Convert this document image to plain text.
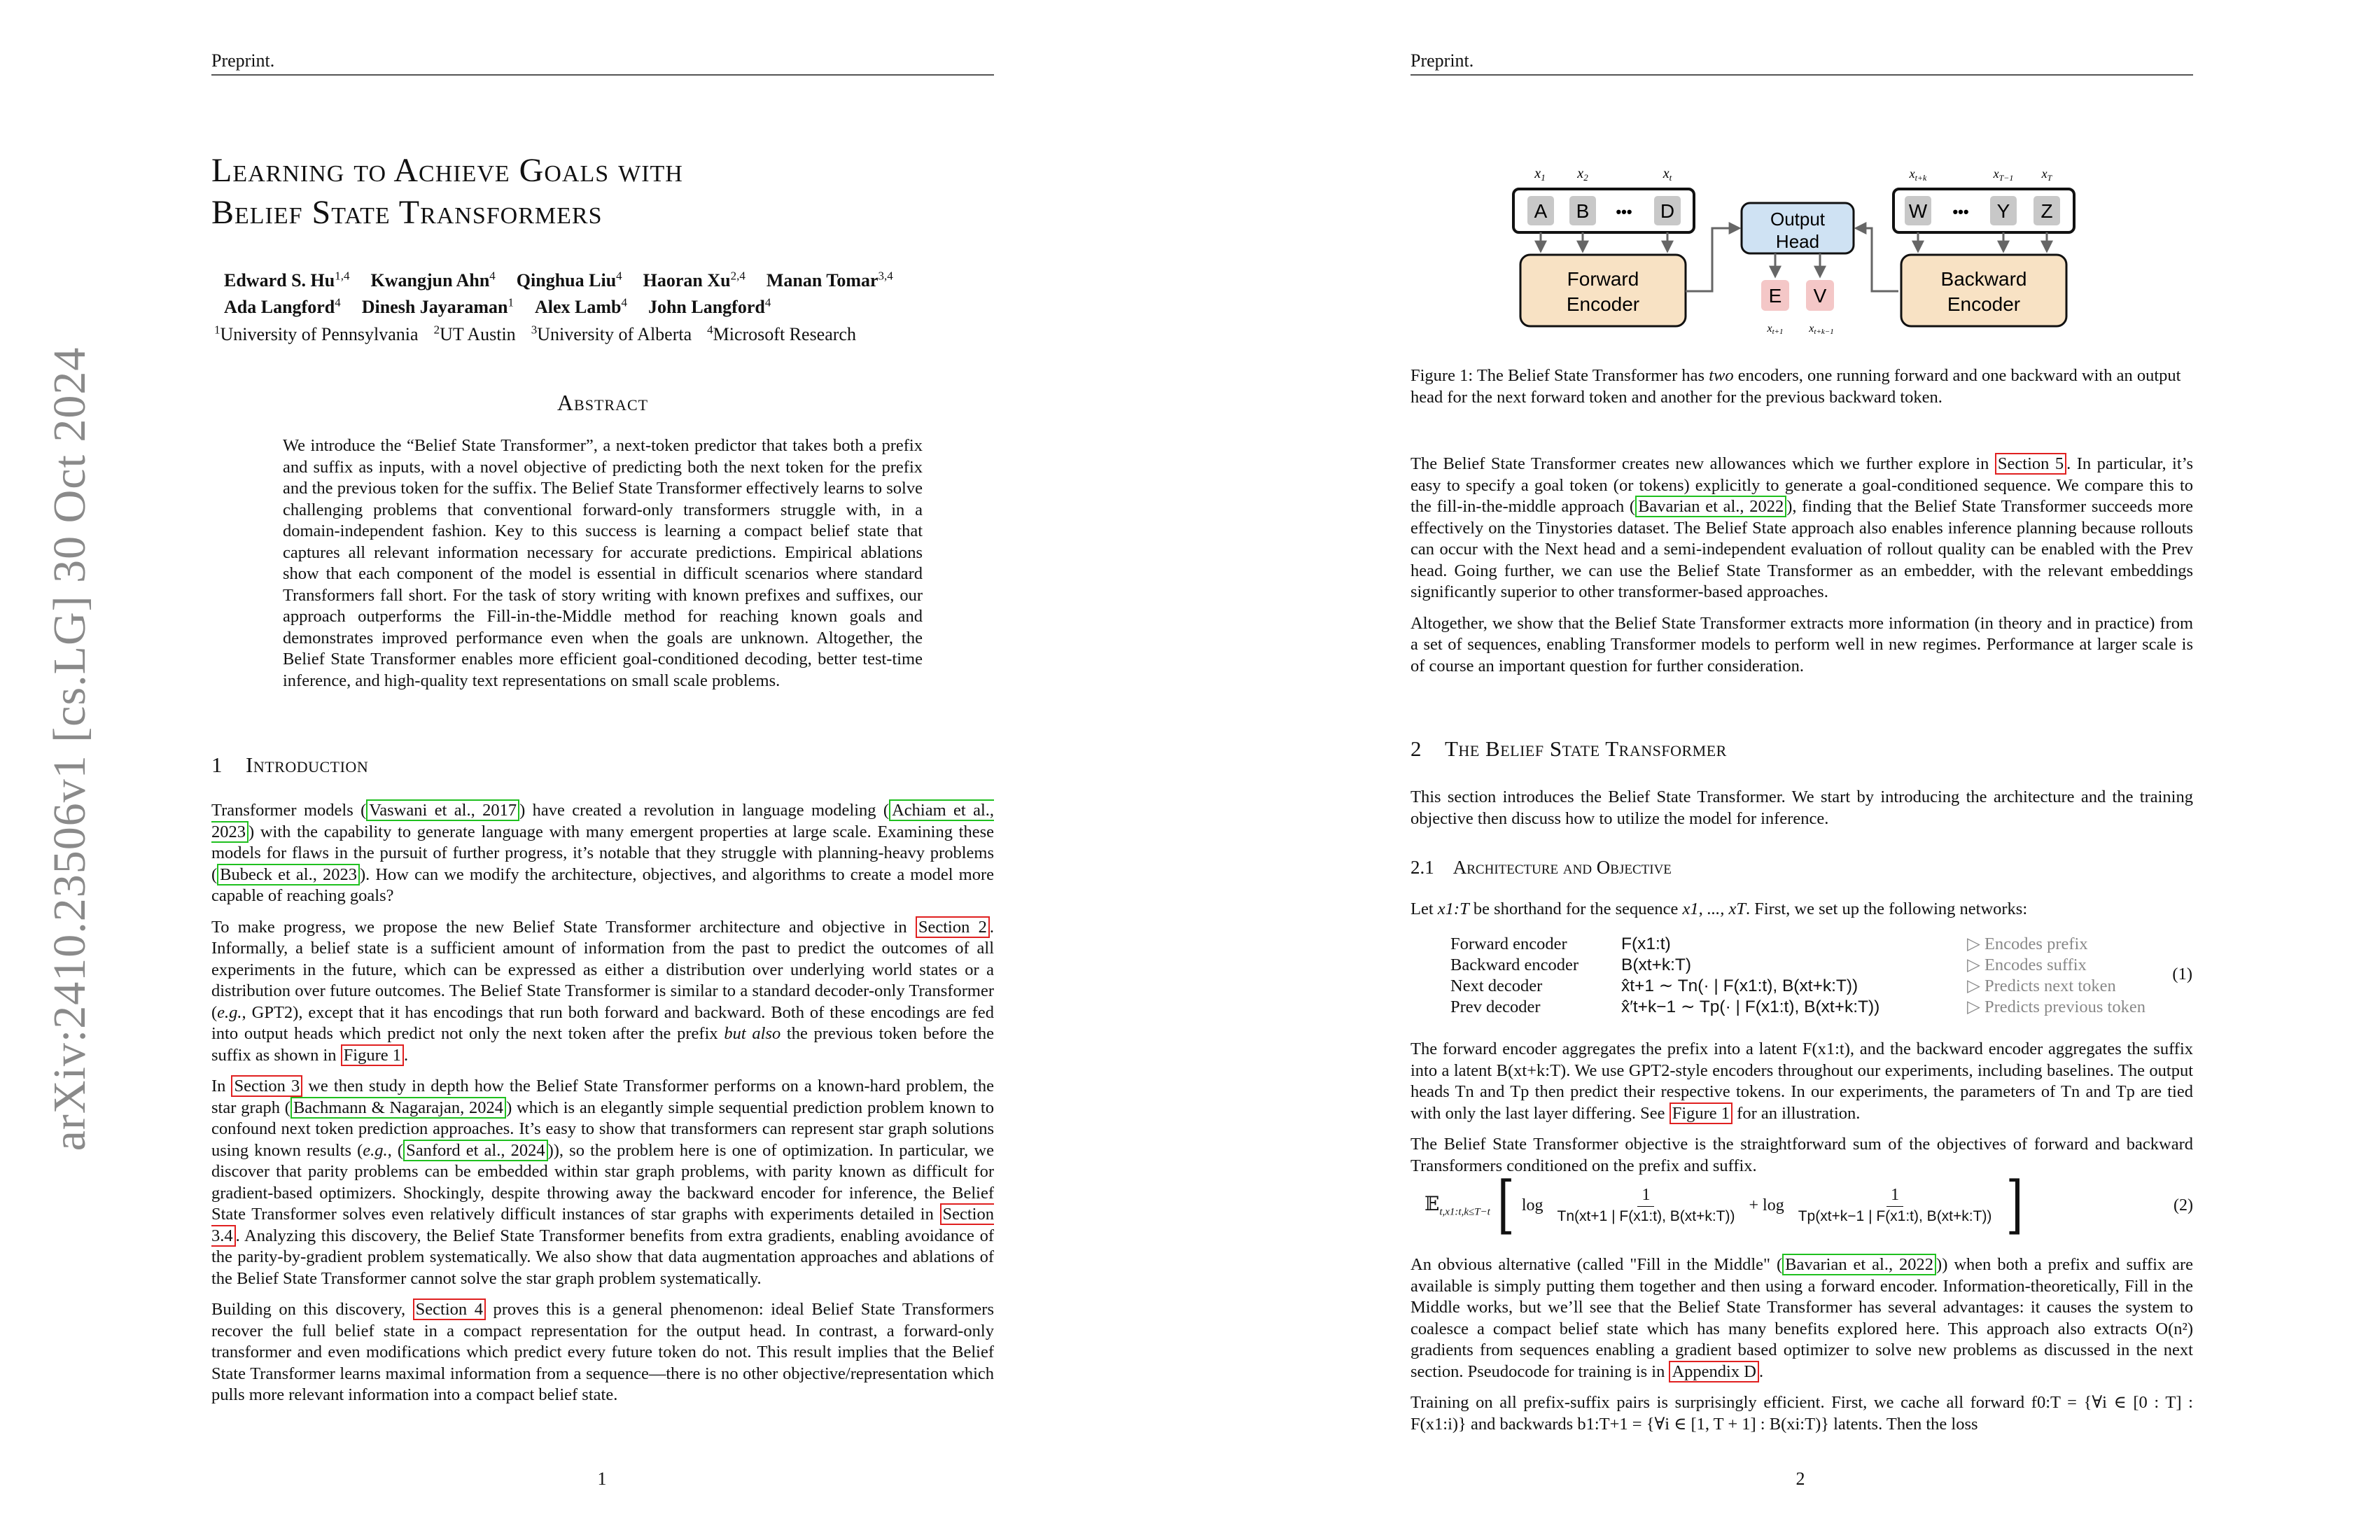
Preprint.
arXiv:2410.23506v1 [cs.LG] 30 Oct 2024
Learning to Achieve Goals with
Belief State Transformers
Edward S. Hu$^{1,4}$ Kwangjun Ahn$^4$ Qinghua Liu$^4$ Haoran Xu$^{2,4}$ Manan Tomar$^{3,4}$
Ada Langford$^4$ Dinesh Jayaraman$^1$ Alex Lamb$^4$ John Langford$^4$
$^1$University of Pennsylvania $^2$UT Austin $^3$University of Alberta $^4$Microsoft Research
Abstract
We introduce the “Belief State Transformer”, a next-token predictor that takes both a prefix and suffix as inputs, with a novel objective of predicting both the next token for the prefix and the previous token for the suffix. The Belief State Transformer effectively learns to solve challenging problems that conventional forward-only transformers struggle with, in a domain-independent fashion. Key to this success is learning a compact belief state that captures all relevant information necessary for accurate predictions. Empirical ablations show that each component of the model is essential in difficult scenarios where standard Transformers fall short. For the task of story writing with known prefixes and suffixes, our approach outperforms the Fill-in-the-Middle method for reaching known goals and demonstrates improved performance even when the goals are unknown. Altogether, the Belief State Transformer enables more efficient goal-conditioned decoding, better test-time inference, and high-quality text representations on small scale problems.
1 Introduction

Transformer models ( Vaswani et al., 2017 ) have created a revolution in language modeling ( Achiam et al., 2023 ) with the capability to generate language with many emergent properties at large scale. Examining these models for flaws in the pursuit of further progress, it’s notable that they struggle with planning-heavy problems ( Bubeck et al., 2023 ). How can we modify the architecture, objectives, and algorithms to create a model more capable of reaching goals?

To make progress, we propose the new Belief State Transformer architecture and objective in Section 2 . Informally, a belief state is a sufficient amount of information from the past to predict the outcomes of all experiments in the future, which can be expressed as either a distribution over underlying world states or a distribution over future outcomes. The Belief State Transformer is similar to a standard decoder-only Transformer (e.g., GPT2), except that it has encodings that run both forward and backward. Both of these encodings are fed into output heads which predict not only the next token after the prefix but also the previous token before the suffix as shown in Figure 1 .

In Section 3 we then study in depth how the Belief State Transformer performs on a known-hard problem, the star graph ( Bachmann & Nagarajan, 2024 ) which is an elegantly simple sequential prediction problem known to confound next token prediction approaches. It’s easy to show that transformers can represent star graph solutions using known results (e.g., ( Sanford et al., 2024 )), so the problem here is one of optimization. In particular, we discover that parity problems can be embedded within star graph problems, with parity known as difficult for gradient-based optimizers. Shockingly, despite throwing away the backward encoder for inference, the Belief State Transformer solves even relatively difficult instances of star graphs with experiments detailed in Section 3.4 . Analyzing this discovery, the Belief State Transformer benefits from extra gradients, enabling avoidance of the parity-by-gradient problem systematically. We also show that data augmentation approaches and ablations of the Belief State Transformer cannot solve the star graph problem systematically.

Building on this discovery, Section 4 proves this is a general phenomenon: ideal Belief State Transformers recover the full belief state in a compact representation for the output head. In contrast, a forward-only transformer and even modifications which predict every future token do not. This result implies that the Belief State Transformer learns maximal information from a sequence—there is no other objective/representation which pulls more relevant information into a compact belief state.

1
Preprint.
$x_1$ $x_2$	$x_t$
A B	D
•••
Forward
Encoder
Output
Head
E V
xt+1 xt+k−1
$x_{t+k}$	$x_{T-1}$ $x_T$
W	Y Z
•••
Backward
Encoder
Figure 1: The Belief State Transformer has two encoders, one running forward and one backward with an output head for the next forward token and another for the previous backward token.

The Belief State Transformer creates new allowances which we further explore in Section 5 . In particular, it’s easy to specify a goal token (or tokens) explicitly to generate a goal-conditioned sequence. We compare this to the fill-in-the-middle approach ( Bavarian et al., 2022 ), finding that the Belief State Transformer succeeds more effectively on the Tinystories dataset. The Belief State approach also enables inference planning because rollouts can occur with the Next head and a semi-independent evaluation of rollout quality can be enabled with the Prev head. Going further, we can use the Belief State Transformer as an embedder, with the relevant embeddings significantly superior to other transformer-based approaches.

Altogether, we show that the Belief State Transformer extracts more information (in theory and in practice) from a set of sequences, enabling Transformer models to perform well in new regimes. Performance at larger scale is of course an important question for further consideration.

2 The Belief State Transformer

This section introduces the Belief State Transformer. We start by introducing the architecture and the training objective then discuss how to utilize the model for inference.

2.1 Architecture and Objective

Let x1:T be shorthand for the sequence x1, ..., xT. First, we set up the following networks:

Forward encoder	F(x1:t)	▷ Encodes prefix
Backward encoder	B(xt+k:T)	▷ Encodes suffix
Next decoder	x̂t+1 ∼ Tn(· | F(x1:t), B(xt+k:T))	▷ Predicts next token
Prev decoder	x̂′t+k−1 ∼ Tp(· | F(x1:t), B(xt+k:T))	▷ Predicts previous token
(1)

The forward encoder aggregates the prefix into a latent F(x1:t), and the backward encoder aggregates the suffix into a latent B(xt+k:T). We use GPT2-style encoders throughout our experiments, including baselines. The output heads Tn and Tp then predict their respective tokens. In our experiments, the parameters of Tn and Tp are tied with only the last layer differing. See Figure 1 for an illustration.

The Belief State Transformer objective is the straightforward sum of the objectives of forward and backward Transformers conditioned on the prefix and suffix.

𝔼$_{t,x1:t,k\le T-t}$ [ $\log \frac{1}{Tn(xt+1 | F(x1:t), B(xt+k:T))} + \log \frac{1}{Tp(xt+k-1 | F(x1:t), B(xt+k:T))}$ ]	(2)

An obvious alternative (called "Fill in the Middle" ( Bavarian et al., 2022 )) when both a prefix and suffix are available is simply putting them together and then using a forward encoder. Information-theoretically, Fill in the Middle works, but we’ll see that the Belief State Transformer has several advantages: it causes the system to coalesce a compact belief state which has many benefits explored here. This approach also extracts O(n²) gradients from sequences enabling a gradient based optimizer to solve new problems as discussed in the next section. Pseudocode for training is in Appendix D .

Training on all prefix-suffix pairs is surprisingly efficient. First, we cache all forward f0:T = {∀i ∈ [0 : T] : F(x1:i)} and backwards b1:T+1 = {∀i ∈ [1, T + 1] : B(xi:T)} latents. Then the loss

2
